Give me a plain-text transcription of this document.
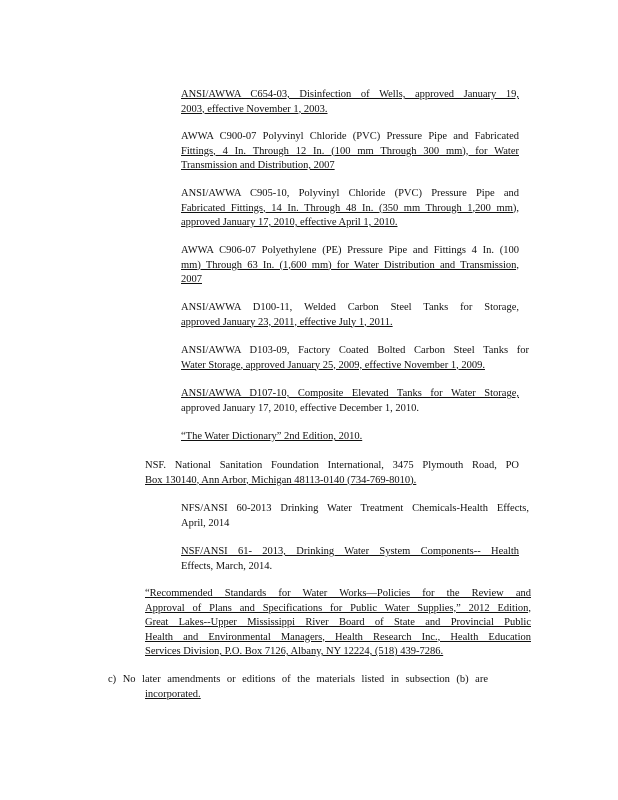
ANSI/AWWA C654-03, Disinfection of Wells, approved January 19,
2003, effective November 1, 2003.
AWWA C900-07 Polyvinyl Chloride (PVC) Pressure Pipe and Fabricated
Fittings, 4 In. Through 12 In. (100 mm Through 300 mm), for Water
Transmission and Distribution, 2007
ANSI/AWWA C905-10, Polyvinyl Chloride (PVC) Pressure Pipe and
Fabricated Fittings, 14 In. Through 48 In. (350 mm Through 1,200 mm),
approved January 17, 2010, effective April 1, 2010.
AWWA C906-07 Polyethylene (PE) Pressure Pipe and Fittings 4 In. (100
mm) Through 63 In. (1,600 mm) for Water Distribution and Transmission,
2007
ANSI/AWWA D100-11, Welded Carbon Steel Tanks for Storage,
approved January 23, 2011, effective July 1, 2011.
ANSI/AWWA D103-09, Factory Coated Bolted Carbon Steel Tanks for
Water Storage, approved January 25, 2009, effective November 1, 2009.
ANSI/AWWA D107-10, Composite Elevated Tanks for Water Storage,
approved January 17, 2010, effective December 1, 2010.
“The Water Dictionary” 2nd Edition, 2010.
NSF. National Sanitation Foundation International, 3475 Plymouth Road, PO
Box 130140, Ann Arbor, Michigan 48113-0140 (734-769-8010).
NFS/ANSI 60-2013 Drinking Water Treatment Chemicals-Health Effects,
April, 2014
NSF/ANSI 61- 2013, Drinking Water System Components-- Health
Effects, March, 2014.
“Recommended Standards for Water Works—Policies for the Review and
Approval of Plans and Specifications for Public Water Supplies,” 2012 Edition,
Great Lakes--Upper Mississippi River Board of State and Provincial Public
Health and Environmental Managers, Health Research Inc., Health Education
Services Division, P.O. Box 7126, Albany, NY 12224, (518) 439-7286.
c) No later amendments or editions of the materials listed in subsection (b) are
incorporated.
